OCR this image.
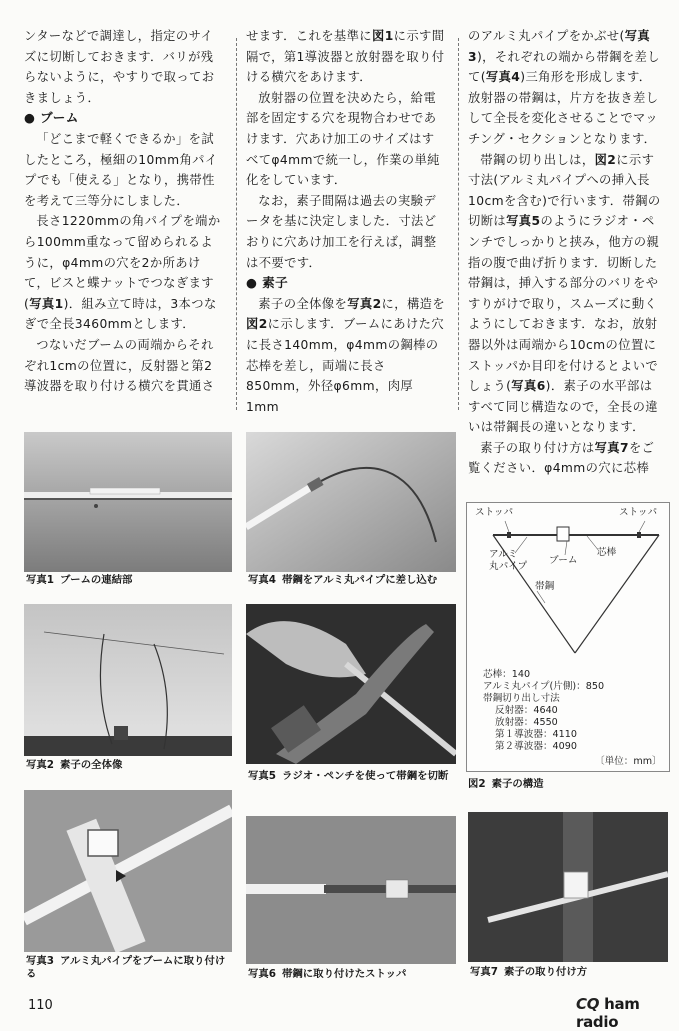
ンターなどで調達し，指定のサイズに切断しておきます．バリが残らないように，やすりで取っておきましょう．

● ブーム

「どこまで軽くできるか」を試したところ，極細の10mm角パイプでも「使える」となり，携帯性を考えて三等分にしました．

長さ1220mmの角パイプを端から100mm重なって留められるように，φ4mmの穴を2か所あけて，ビスと蝶ナットでつなぎます(写真1)．組み立て時は，3本つなぎで全長3460mmとします．

つないだブームの両端からそれぞれ1cmの位置に，反射器と第2導波器を取り付ける横穴を貫通さ

せます．これを基準に図1に示す間隔で，第1導波器と放射器を取り付ける横穴をあけます．

放射器の位置を決めたら，給電部を固定する穴を現物合わせであけます．穴あけ加工のサイズはすべてφ4mmで統一し，作業の単純化をしています．

なお，素子間隔は過去の実験データを基に決定しました．寸法どおりに穴あけ加工を行えば，調整は不要です．

● 素子

素子の全体像を写真2に，構造を図2に示します．ブームにあけた穴に長さ140mm，φ4mmの鋼棒の芯棒を差し，両端に長さ850mm，外径φ6mm，肉厚1mm

のアルミ丸パイプをかぶせ(写真3)，それぞれの端から帯鋼を差して(写真4)三角形を形成します．放射器の帯鋼は，片方を抜き差しして全長を変化させることでマッチング・セクションとなります．

帯鋼の切り出しは，図2に示す寸法(アルミ丸パイプへの挿入長10cmを含む)で行います．帯鋼の切断は写真5のようにラジオ・ペンチでしっかりと挟み，他方の親指の腹で曲げ折ります．切断した帯鋼は，挿入する部分のバリをやすりがけで取り，スムーズに動くようにしておきます．なお，放射器以外は両端から10cmの位置にストッパか目印を付けるとよいでしょう(写真6)．素子の水平部はすべて同じ構造なので，全長の違いは帯鋼長の違いとなります．

素子の取り付け方は写真7をご覧ください．φ4mmの穴に芯棒

写真1 ブームの連結部	写真4 帯鋼をアルミ丸パイプに差し込む
写真2 素子の全体像
写真5 ラジオ・ペンチを使って帯鋼を切断
ストッパ	ストッパ
アルミ
丸パイプ
ブーム
芯棒
帯鋼
芯棒：140
アルミ丸パイプ(片側)：850
帯鋼切り出し寸法
反射器：4640
放射器：4550
第１導波器：4110
第２導波器：4090
〔単位：mm〕
図2 素子の構造
写真3 アルミ丸パイプをブームに取り付ける	写真6 帯鋼に取り付けたストッパ	写真7 素子の取り付け方
110	CQ ham radio
